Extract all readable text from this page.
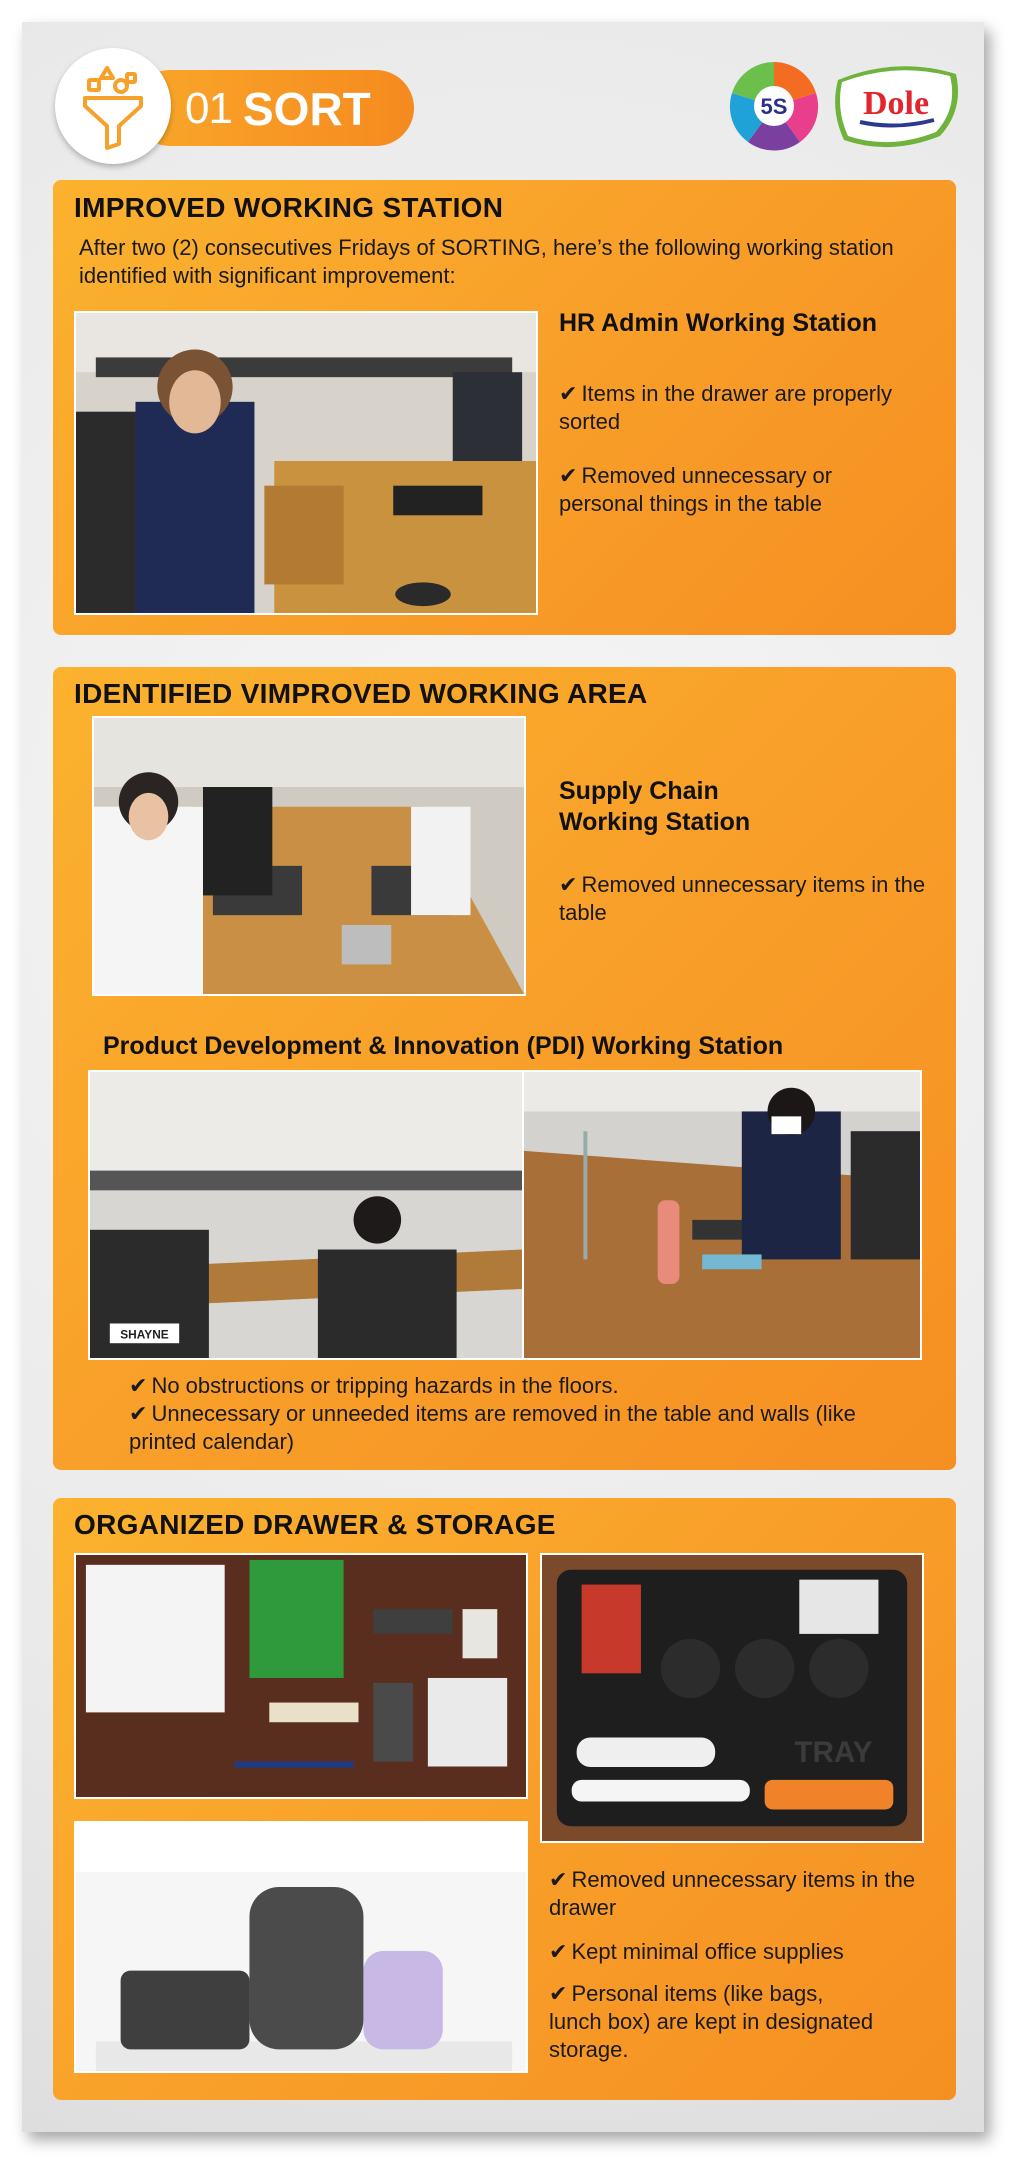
01 SORT	5S Dole
IMPROVED WORKING STATION
After two (2) consecutives Fridays of SORTING, here’s the following working station identified with significant improvement:
HR Admin Working Station
✔ Items in the drawer are properly sorted
✔ Removed unnecessary or personal things in the table
IDENTIFIED VIMPROVED WORKING AREA
Supply Chain
Working Station
✔ Removed unnecessary items in the table
Product Development & Innovation (PDI) Working Station
SHAYNE
✔ No obstructions or tripping hazards in the floors.
✔ Unnecessary or unneeded items are removed in the table and walls (like printed calendar)
ORGANIZED DRAWER & STORAGE
TRAY
✔ Removed unnecessary items in the drawer
✔ Kept minimal office supplies
✔ Personal items (like bags, lunch box) are kept in designated storage.
